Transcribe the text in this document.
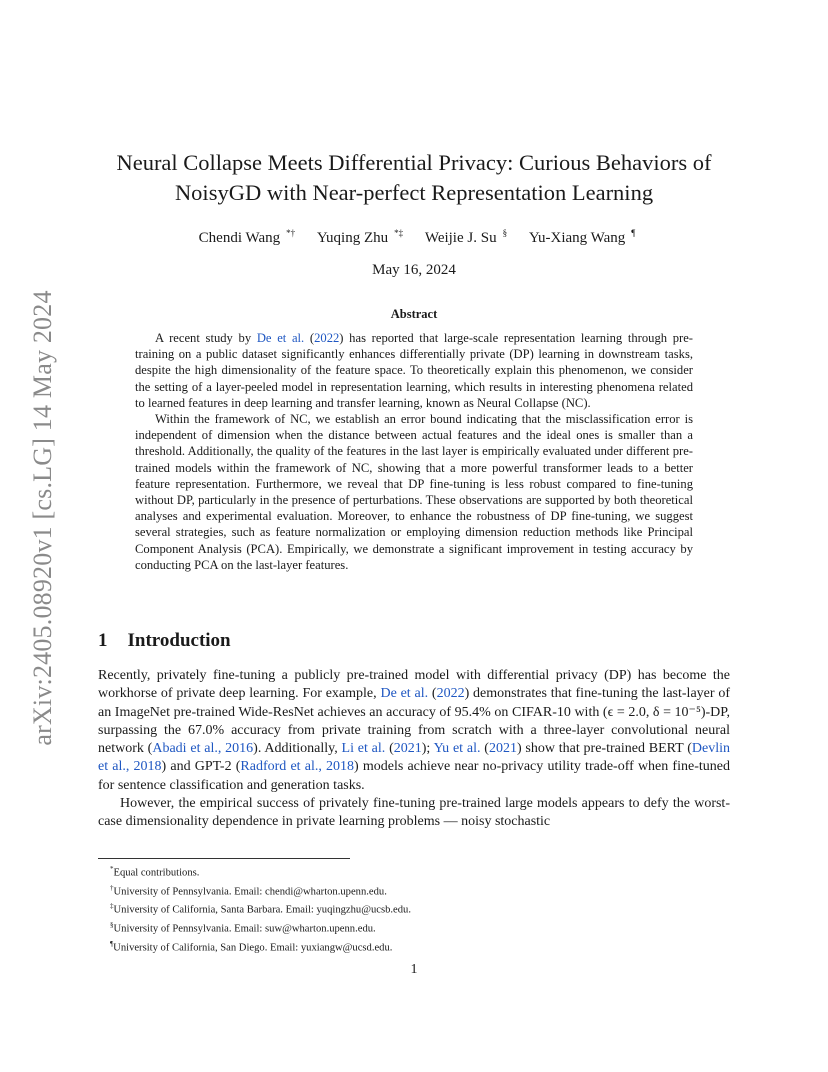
arXiv:2405.08920v1 [cs.LG] 14 May 2024
Neural Collapse Meets Differential Privacy: Curious Behaviors of NoisyGD with Near-perfect Representation Learning
Chendi Wang *† Yuqing Zhu *‡ Weijie J. Su § Yu-Xiang Wang ¶
May 16, 2024
Abstract

A recent study by De et al. (2022) has reported that large-scale representation learning through pre-training on a public dataset significantly enhances differentially private (DP) learning in downstream tasks, despite the high dimensionality of the feature space. To theoretically explain this phenomenon, we consider the setting of a layer-peeled model in representation learning, which results in interesting phenomena related to learned features in deep learning and transfer learning, known as Neural Collapse (NC).

Within the framework of NC, we establish an error bound indicating that the misclassification error is independent of dimension when the distance between actual features and the ideal ones is smaller than a threshold. Additionally, the quality of the features in the last layer is empirically evaluated under different pre-trained models within the framework of NC, showing that a more powerful transformer leads to a better feature representation. Furthermore, we reveal that DP fine-tuning is less robust compared to fine-tuning without DP, particularly in the presence of perturbations. These observations are supported by both theoretical analyses and experimental evaluation. Moreover, to enhance the robustness of DP fine-tuning, we suggest several strategies, such as feature normalization or employing dimension reduction methods like Principal Component Analysis (PCA). Empirically, we demonstrate a significant improvement in testing accuracy by conducting PCA on the last-layer features.

1 Introduction

Recently, privately fine-tuning a publicly pre-trained model with differential privacy (DP) has become the workhorse of private deep learning. For example, De et al. (2022) demonstrates that fine-tuning the last-layer of an ImageNet pre-trained Wide-ResNet achieves an accuracy of 95.4% on CIFAR-10 with (ϵ = 2.0, δ = 10⁻⁵)-DP, surpassing the 67.0% accuracy from private training from scratch with a three-layer convolutional neural network (Abadi et al., 2016). Additionally, Li et al. (2021); Yu et al. (2021) show that pre-trained BERT (Devlin et al., 2018) and GPT-2 (Radford et al., 2018) models achieve near no-privacy utility trade-off when fine-tuned for sentence classification and generation tasks.

However, the empirical success of privately fine-tuning pre-trained large models appears to defy the worst-case dimensionality dependence in private learning problems — noisy stochastic

*Equal contributions.
†University of Pennsylvania. Email: chendi@wharton.upenn.edu.
‡University of California, Santa Barbara. Email: yuqingzhu@ucsb.edu.
§University of Pennsylvania. Email: suw@wharton.upenn.edu.
¶University of California, San Diego. Email: yuxiangw@ucsd.edu.
1
